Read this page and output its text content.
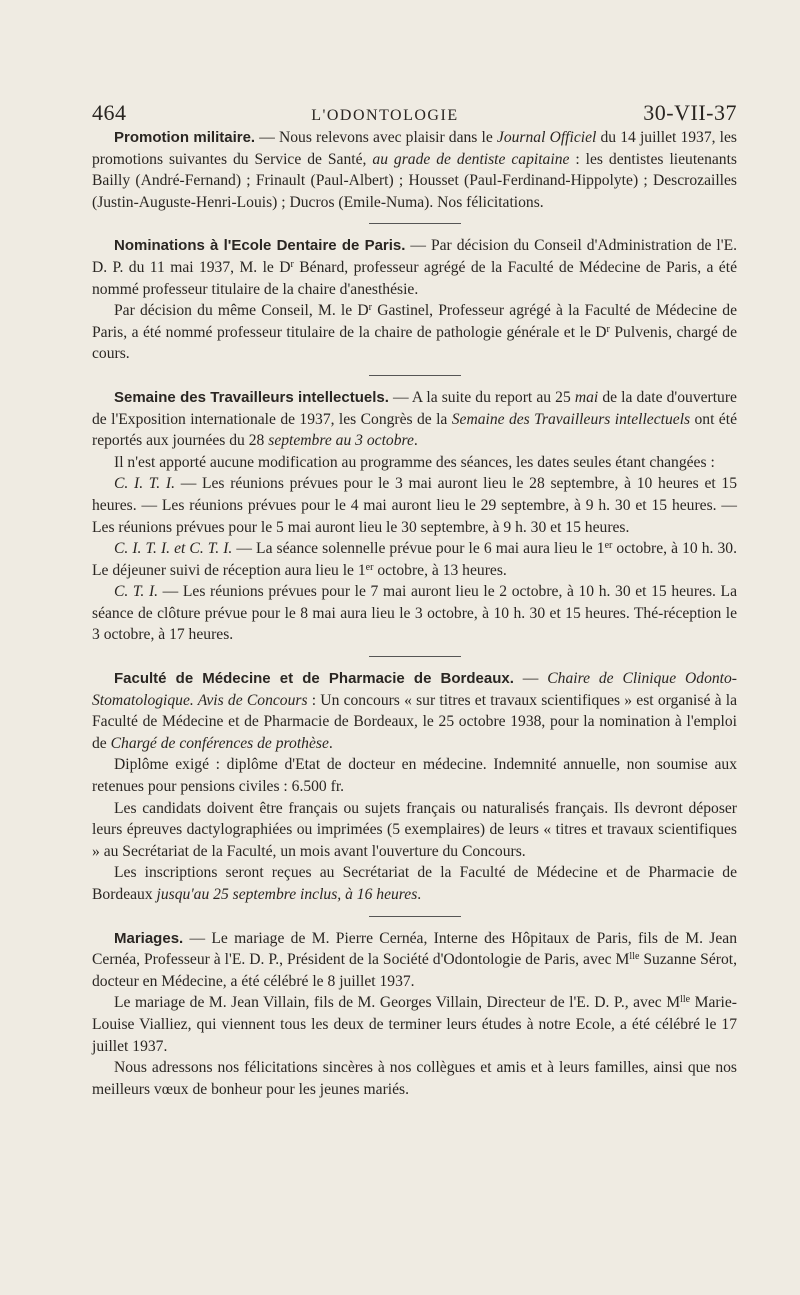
464	L'ODONTOLOGIE	30-VII-37

Promotion militaire. — Nous relevons avec plaisir dans le Journal Officiel du 14 juillet 1937, les promotions suivantes du Service de Santé, au grade de dentiste capitaine : les dentistes lieutenants Bailly (André-Fernand) ; Frinault (Paul-Albert) ; Housset (Paul-Ferdinand-Hippolyte) ; Descrozailles (Justin-Auguste-Henri-Louis) ; Ducros (Emile-Numa). Nos félicitations.

Nominations à l'Ecole Dentaire de Paris. — Par décision du Conseil d'Administration de l'E. D. P. du 11 mai 1937, M. le $D^r$ Bénard, professeur agrégé de la Faculté de Médecine de Paris, a été nommé professeur titulaire de la chaire d'anesthésie.

Par décision du même Conseil, M. le $D^r$ Gastinel, Professeur agrégé à la Faculté de Médecine de Paris, a été nommé professeur titulaire de la chaire de pathologie générale et le $D^r$ Pulvenis, chargé de cours.

Semaine des Travailleurs intellectuels. — A la suite du report au 25 mai de la date d'ouverture de l'Exposition internationale de 1937, les Congrès de la Semaine des Travailleurs intellectuels ont été reportés aux journées du 28 septembre au 3 octobre.

Il n'est apporté aucune modification au programme des séances, les dates seules étant changées :

C. I. T. I. — Les réunions prévues pour le 3 mai auront lieu le 28 septembre, à 10 heures et 15 heures. — Les réunions prévues pour le 4 mai auront lieu le 29 septembre, à 9 h. 30 et 15 heures. — Les réunions prévues pour le 5 mai auront lieu le 30 septembre, à 9 h. 30 et 15 heures.

C. I. T. I. et C. T. I. — La séance solennelle prévue pour le 6 mai aura lieu le 1er octobre, à 10 h. 30. Le déjeuner suivi de réception aura lieu le 1er octobre, à 13 heures.

C. T. I. — Les réunions prévues pour le 7 mai auront lieu le 2 octobre, à 10 h. 30 et 15 heures. La séance de clôture prévue pour le 8 mai aura lieu le 3 octobre, à 10 h. 30 et 15 heures. Thé-réception le 3 octobre, à 17 heures.

Faculté de Médecine et de Pharmacie de Bordeaux. — Chaire de Clinique Odonto-Stomatologique. Avis de Concours : Un concours « sur titres et travaux scientifiques » est organisé à la Faculté de Médecine et de Pharmacie de Bordeaux, le 25 octobre 1938, pour la nomination à l'emploi de Chargé de conférences de prothèse.

Diplôme exigé : diplôme d'Etat de docteur en médecine. Indemnité annuelle, non soumise aux retenues pour pensions civiles : 6.500 fr.

Les candidats doivent être français ou sujets français ou naturalisés français. Ils devront déposer leurs épreuves dactylographiées ou imprimées (5 exemplaires) de leurs « titres et travaux scientifiques » au Secrétariat de la Faculté, un mois avant l'ouverture du Concours.

Les inscriptions seront reçues au Secrétariat de la Faculté de Médecine et de Pharmacie de Bordeaux jusqu'au 25 septembre inclus, à 16 heures.

Mariages. — Le mariage de M. Pierre Cernéa, Interne des Hôpitaux de Paris, fils de M. Jean Cernéa, Professeur à l'E. D. P., Président de la Société d'Odontologie de Paris, avec $M^{lle}$ Suzanne Sérot, docteur en Médecine, a été célébré le 8 juillet 1937.

Le mariage de M. Jean Villain, fils de M. Georges Villain, Directeur de l'E. D. P., avec $M^{lle}$ Marie-Louise Vialliez, qui viennent tous les deux de terminer leurs études à notre Ecole, a été célébré le 17 juillet 1937.

Nous adressons nos félicitations sincères à nos collègues et amis et à leurs familles, ainsi que nos meilleurs vœux de bonheur pour les jeunes mariés.
